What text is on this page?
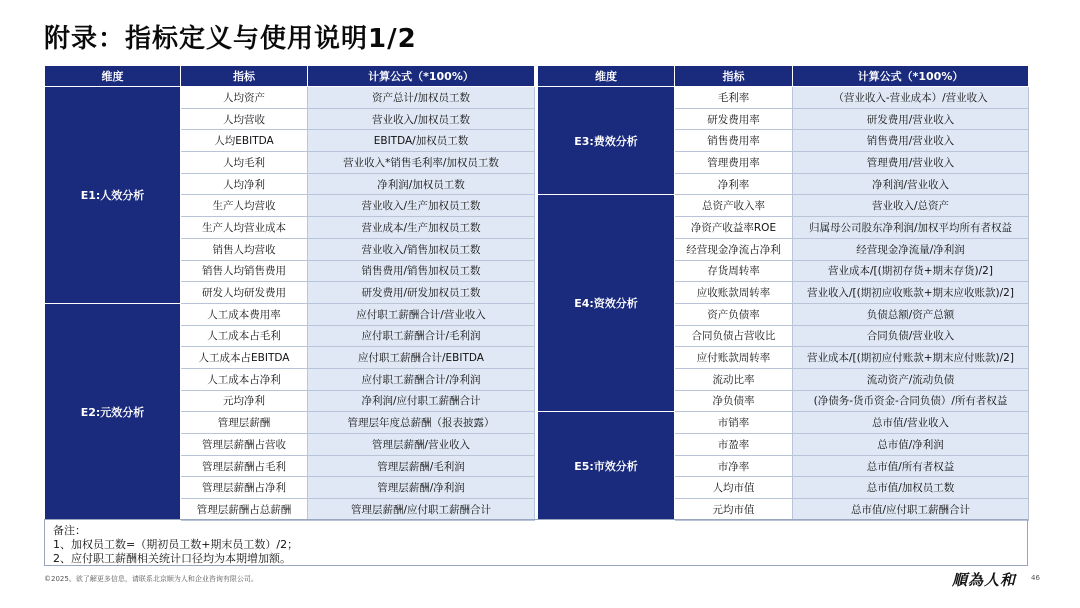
附录：指标定义与使用说明1/2
维度	指标	计算公式（*100%）
E1:人效分析	人均资产	资产总计/加权员工数
	人均营收	营业收入/加权员工数
	人均EBITDA	EBITDA/加权员工数
	人均毛利	营业收入*销售毛利率/加权员工数
	人均净利	净利润/加权员工数
	生产人均营收	营业收入/生产加权员工数
	生产人均营业成本	营业成本/生产加权员工数
	销售人均营收	营业收入/销售加权员工数
	销售人均销售费用	销售费用/销售加权员工数
	研发人均研发费用	研发费用/研发加权员工数
E2:元效分析	人工成本费用率	应付职工薪酬合计/营业收入
	人工成本占毛利	应付职工薪酬合计/毛利润
	人工成本占EBITDA	应付职工薪酬合计/EBITDA
	人工成本占净利	应付职工薪酬合计/净利润
	元均净利	净利润/应付职工薪酬合计
	管理层薪酬	管理层年度总薪酬（报表披露）
	管理层薪酬占营收	管理层薪酬/营业收入
	管理层薪酬占毛利	管理层薪酬/毛利润
	管理层薪酬占净利	管理层薪酬/净利润
	管理层薪酬占总薪酬	管理层薪酬/应付职工薪酬合计
维度	指标	计算公式（*100%）
E3:费效分析	毛利率	（营业收入-营业成本）/营业收入
	研发费用率	研发费用/营业收入
	销售费用率	销售费用/营业收入
	管理费用率	管理费用/营业收入
	净利率	净利润/营业收入
E4:资效分析	总资产收入率	营业收入/总资产
	净资产收益率ROE	归属母公司股东净利润/加权平均所有者权益
	经营现金净流占净利	经营现金净流量/净利润
	存货周转率	营业成本/[(期初存货+期末存货)/2]
	应收账款周转率	营业收入/[(期初应收账款+期末应收账款)/2]
	资产负债率	负债总额/资产总额
	合同负债占营收比	合同负债/营业收入
	应付账款周转率	营业成本/[(期初应付账款+期末应付账款)/2]
	流动比率	流动资产/流动负债
	净负债率	(净债务-货币资金-合同负债）/所有者权益
E5:市效分析	市销率	总市值/营业收入
	市盈率	总市值/净利润
	市净率	总市值/所有者权益
	人均市值	总市值/加权员工数
	元均市值	总市值/应付职工薪酬合计
备注：
1、加权员工数=（期初员工数+期末员工数）/2；
2、应付职工薪酬相关统计口径均为本期增加额。
©2025。欲了解更多信息，请联系北京顺为人和企业咨询有限公司。	順為人和 46
